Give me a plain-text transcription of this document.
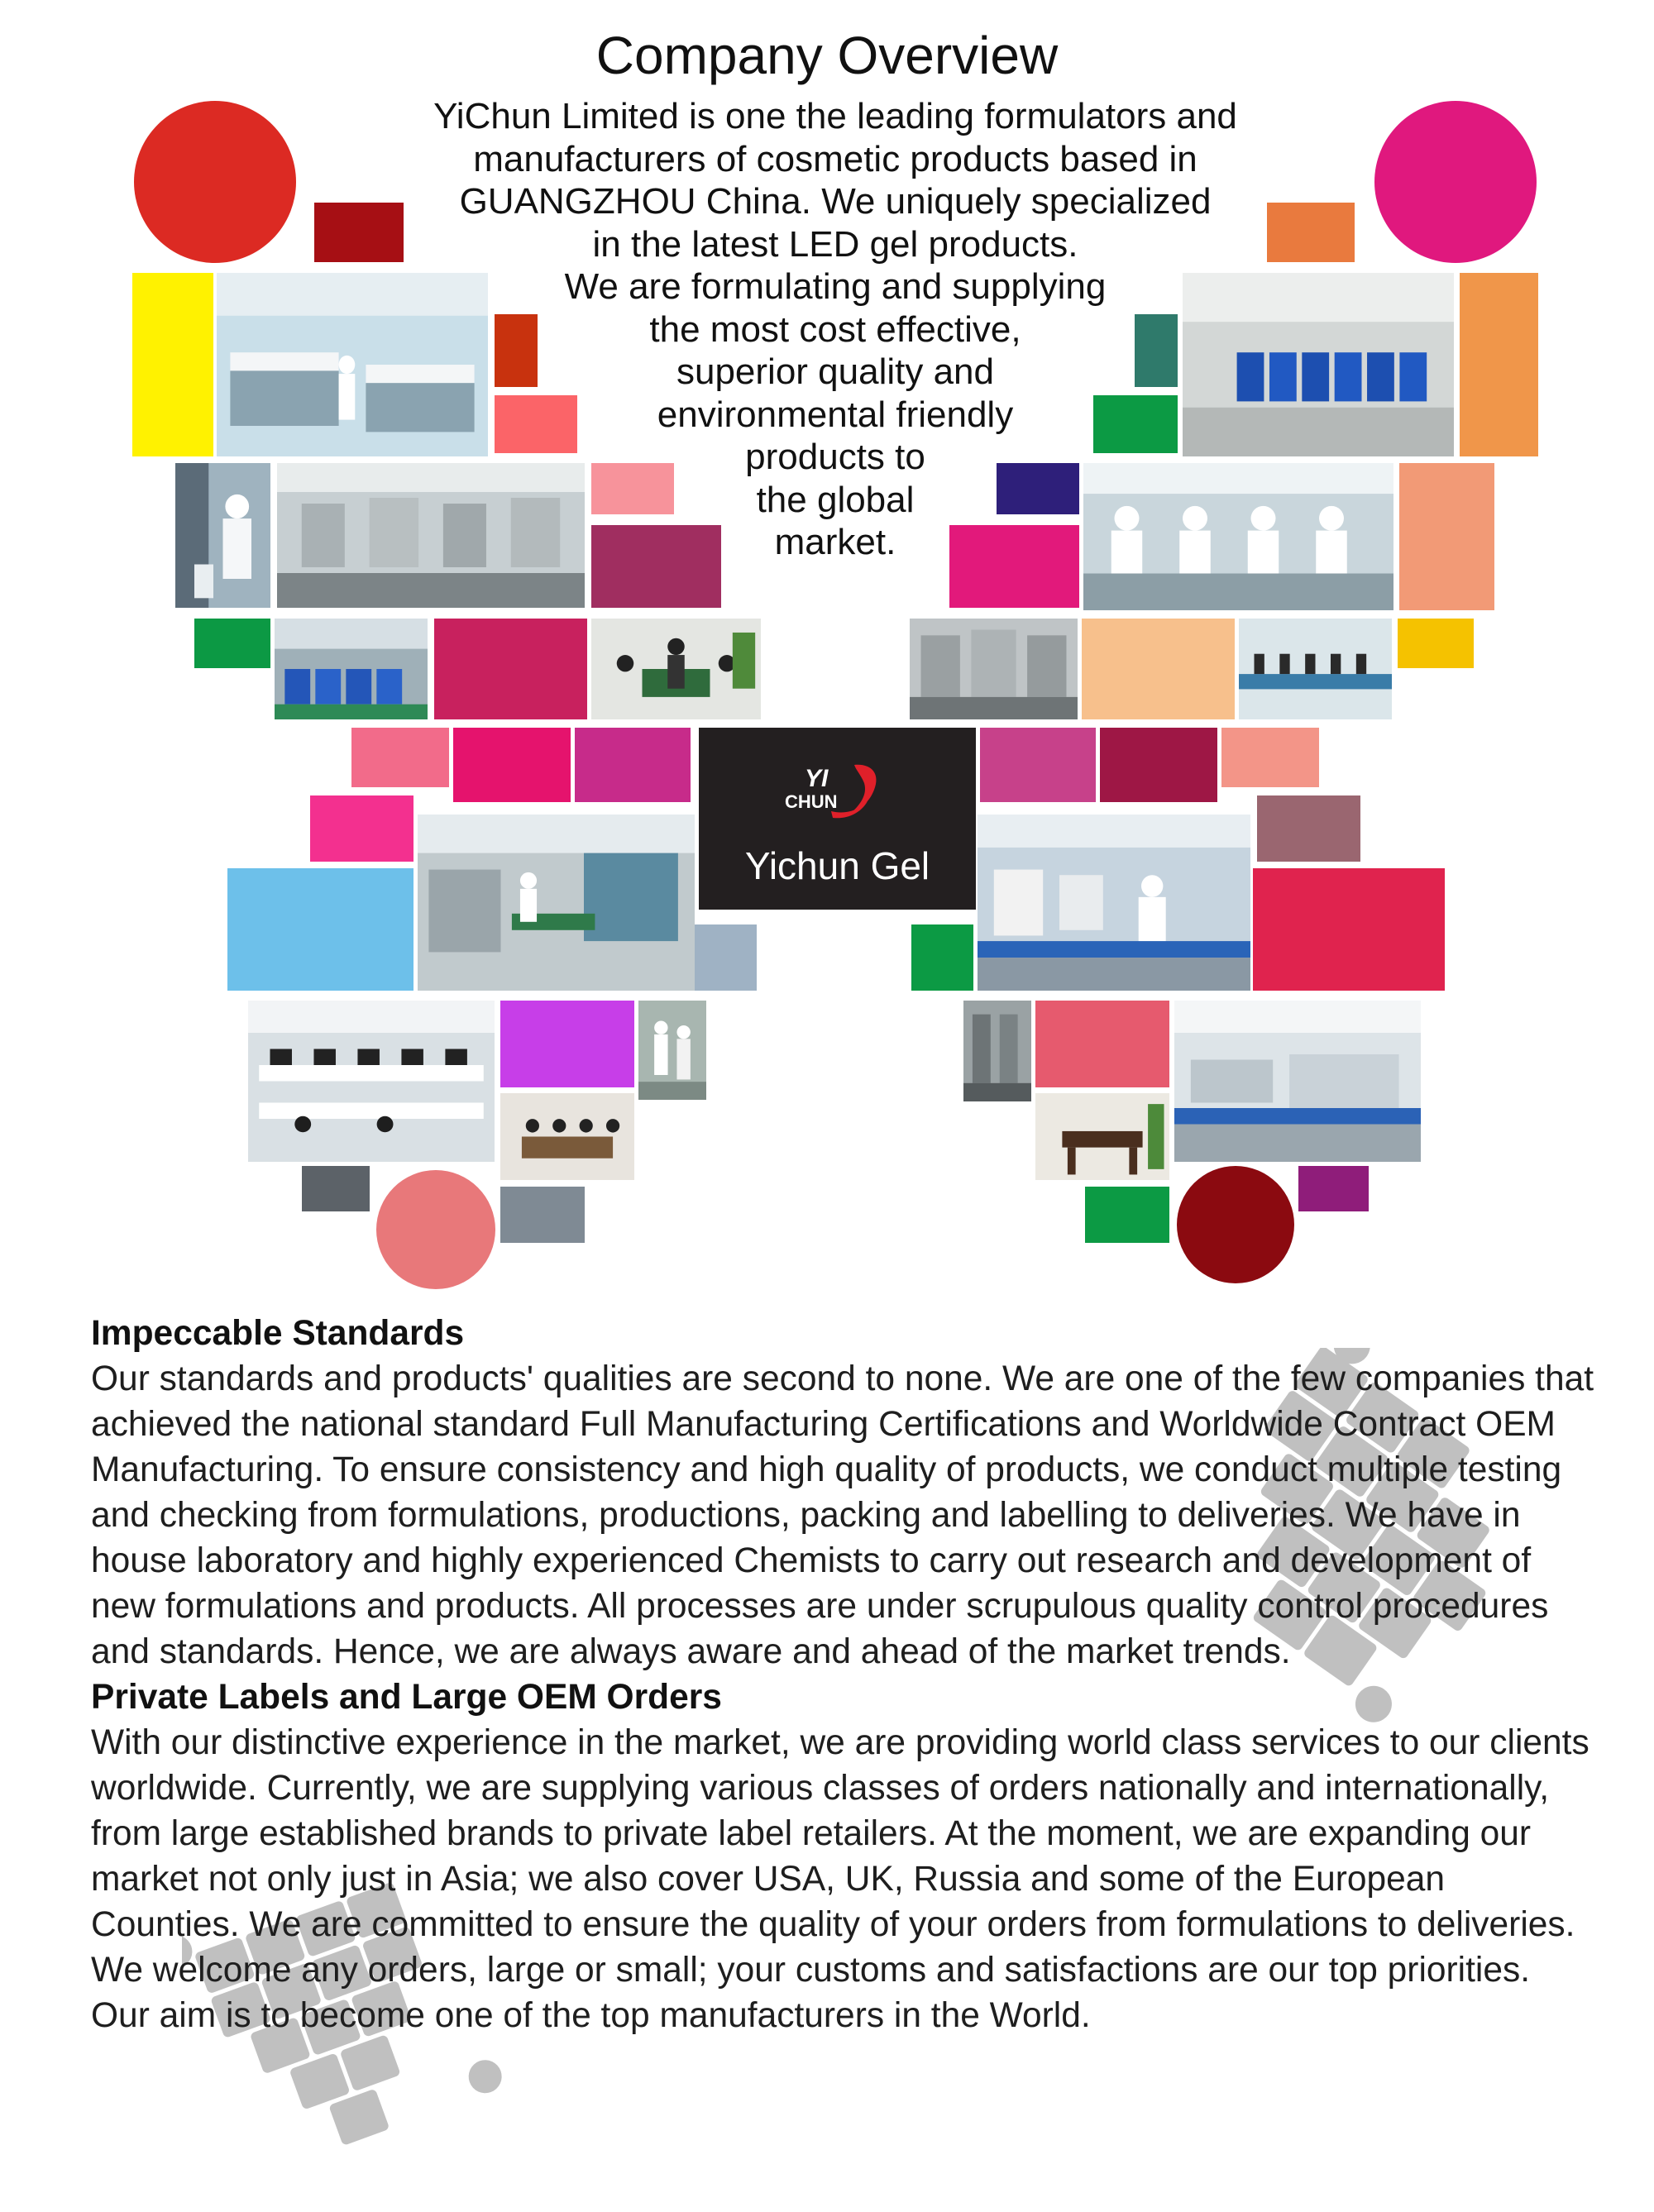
Company Overview
YiChun Limited is one the leading formulators and
manufacturers of cosmetic products based in
GUANGZHOU China. We uniquely specialized
in the latest LED gel products.
We are formulating and supplying
the most cost effective,
superior quality and
environmental friendly
products to
the global
market.
YI
CHUN
Yichun Gel
Impeccable Standards

Our standards and products' qualities are second to none. We are one of the few companies that achieved the national standard Full Manufacturing Certifications and Worldwide Contract OEM Manufacturing. To ensure consistency and high quality of products, we conduct multiple testing and checking from formulations, productions, packing and labelling to deliveries. We have in house laboratory and highly experienced Chemists to carry out research and development of new formulations and products. All processes are under scrupulous quality control procedures and standards. Hence, we are always aware and ahead of the market trends.

Private Labels and Large OEM Orders

With our distinctive experience in the market, we are providing world class services to our clients worldwide. Currently, we are supplying various classes of orders nationally and internationally, from large established brands to private label retailers. At the moment, we are expanding our market not only just in Asia; we also cover USA, UK, Russia and some of the European Counties. We are committed to ensure the quality of your orders from formulations to deliveries. We welcome any orders, large or small; your customs and satisfactions are our top priorities. Our aim is to become one of the top manufacturers in the World.
